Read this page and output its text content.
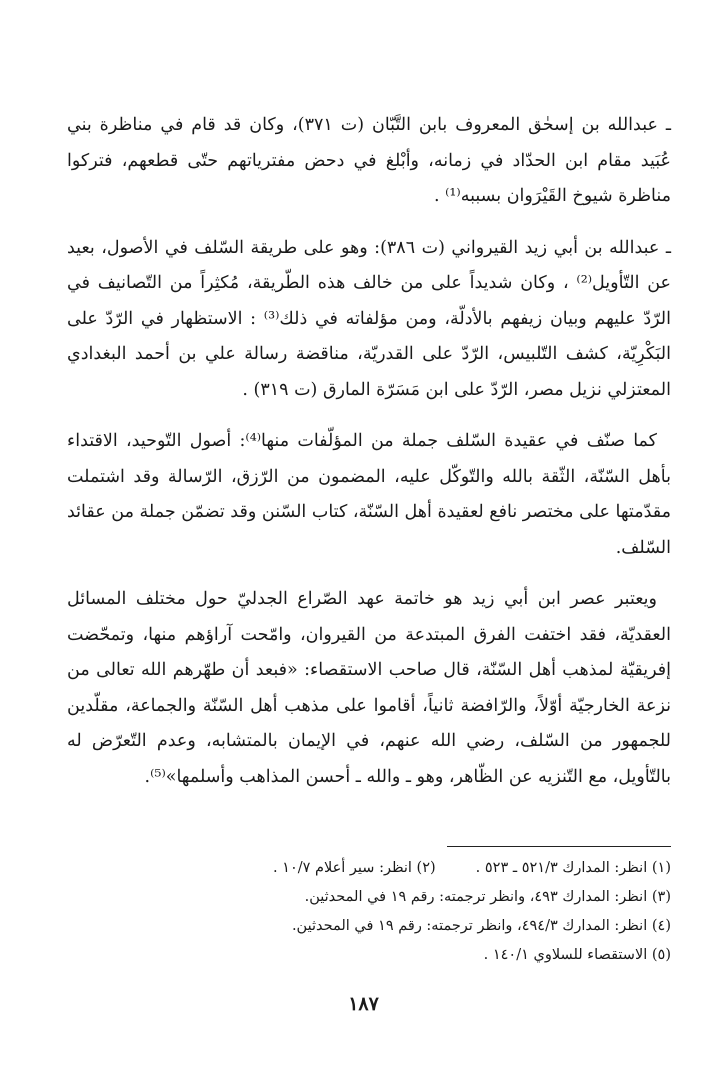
ـ عبدالله بن إسحٰق المعروف بابن التَّبّان (ت ٣٧١)، وكان قد قام في مناظرة بني عُبَيد مقام ابن الحدّاد في زمانه، وأبْلغ في دحض مفترياتهم حتّى قطعهم، فتركوا مناظرة شيوخ القَيْرَوان بسببه⁽¹⁾ .

ـ عبدالله بن أبي زيد القيرواني (ت ٣٨٦): وهو على طريقة السّلف في الأصول، بعيد عن التّأويل⁽²⁾ ، وكان شديداً على من خالف هذه الطّريقة، مُكثِراً من التّصانيف في الرّدّ عليهم وبيان زيفهم بالأدلّة، ومن مؤلفاته في ذلك⁽³⁾ : الاستظهار في الرّدّ على البَكْرِيّة، كشف التّلبيس، الرّدّ على القدريّة، مناقضة رسالة علي بن أحمد البغدادي المعتزلي نزيل مصر، الرّدّ على ابن مَسَرّة المارق (ت ٣١٩) .

كما صنّف في عقيدة السّلف جملة من المؤلّفات منها⁽⁴⁾: أصول التّوحيد، الاقتداء بأهل السّنّة، الثّقة بالله والتّوكّل عليه، المضمون من الرّزق، الرّسالة وقد اشتملت مقدّمتها على مختصر نافع لعقيدة أهل السّنّة، كتاب السّنن وقد تضمّن جملة من عقائد السّلف.

ويعتبر عصر ابن أبي زيد هو خاتمة عهد الصّراع الجدليّ حول مختلف المسائل العقديّة، فقد اختفت الفرق المبتدعة من القيروان، وامّحت آراؤهم منها، وتمحّضت إفريقيّة لمذهب أهل السّنّة، قال صاحب الاستقصاء: «فبعد أن طهّرهم الله تعالى من نزعة الخارجيّة أوّلاً، والرّافضة ثانياً، أقاموا على مذهب أهل السّنّة والجماعة، مقلّدين للجمهور من السّلف، رضي الله عنهم، في الإيمان بالمتشابه، وعدم التّعرّض له بالتّأويل، مع التّنزيه عن الظّاهر، وهو ـ والله ـ أحسن المذاهب وأسلمها»⁽⁵⁾.

(١) انظر: المدارك ٥٢١/٣ ـ ٥٢٣ .
(٢) انظر: سير أعلام ١٠/٧ .
(٣) انظر: المدارك ٤٩٣، وانظر ترجمته: رقم ١٩ في المحدثين.
(٤) انظر: المدارك ٤٩٤/٣، وانظر ترجمته: رقم ١٩ في المحدثين.
(٥) الاستقصاء للسلاوي ١٤٠/١ .
١٨٧
